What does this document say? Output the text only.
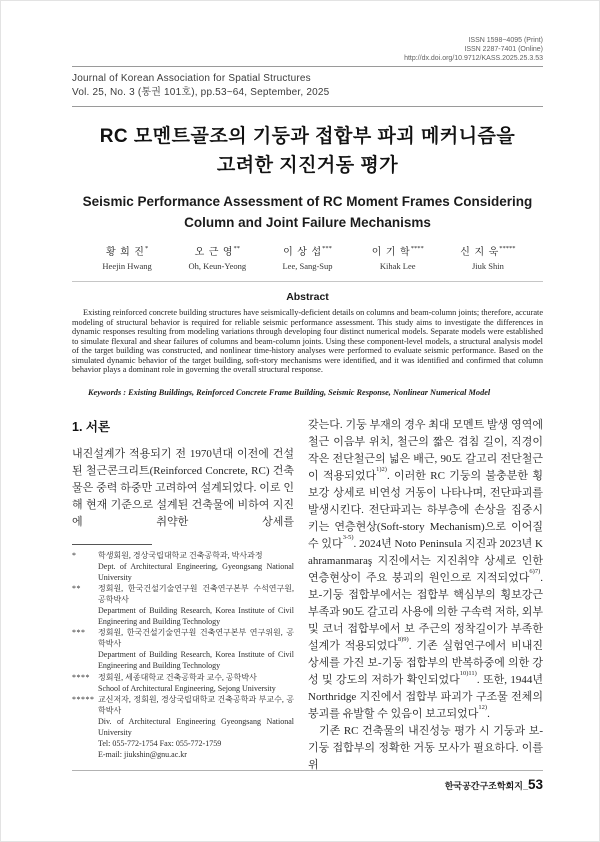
ISSN 1598~4095 (Print)
ISSN 2287-7401 (Online)
http://dx.doi.org/10.9712/KASS.2025.25.3.53
Journal of Korean Association for Spatial Structures
Vol. 25, No. 3 (통권 101호), pp.53~64, September, 2025
RC 모멘트골조의 기둥과 접합부 파괴 메커니즘을
고려한 지진거동 평가
Seismic Performance Assessment of RC Moment Frames Considering
Column and Joint Failure Mechanisms
황 희 진*
Heejin Hwang
오 근 영**
Oh, Keun-Yeong
이 상 섭***
Lee, Sang-Sup
이 기 학****
Kihak Lee
신 지 욱*****
Jiuk Shin
Abstract

Existing reinforced concrete building structures have seismically-deficient details on columns and beam-column joints; therefore, accurate modeling of structural behavior is required for reliable seismic performance assessment. This study aims to investigate the differences in dynamic responses resulting from modeling variations through developing four distinct numerical models. Separate models were established to simulate flexural and shear failures of columns and beam-column joints. Using these component-level models, a structural analysis model of the target building was constructed, and nonlinear time-history analyses were performed to evaluate seismic performance. Based on the simulated dynamic behavior of the target building, soft-story mechanisms were identified, and it was identified and confirmed that column behavior plays a dominant role in governing the overall structural response.

Keywords : Existing Buildings, Reinforced Concrete Frame Building, Seismic Response, Nonlinear Numerical Model
1. 서론

내진설계가 적용되기 전 1970년대 이전에 건설된 철근콘크리트(Reinforced Concrete, RC) 건축물은 중력 하중만 고려하여 설계되었다. 이로 인해 현재 기준으로 설계된 건축물에 비하여 지진에 취약한 상세를

*	학생회원, 경상국립대학교 건축공학과, 박사과정
Dept. of Architectural Engineering, Gyeongsang National University
**	정회원, 한국건설기술연구원 건축연구본부 수석연구원, 공학박사
Department of Building Research, Korea Institute of Civil Engineering and Building Technology
***	정회원, 한국건설기술연구원 건축연구본부 연구위원, 공학박사
Department of Building Research, Korea Institute of Civil Engineering and Building Technology
****	정회원, 세종대학교 건축공학과 교수, 공학박사
School of Architectural Engineering, Sejong University
***** 교신저자, 정회원, 경상국립대학교 건축공학과 부교수, 공학박사
Div. of Architectural Engineering Gyeongsang National University
Tel: 055-772-1754 Fax: 055-772-1759
E-mail: jiukshin@gnu.ac.kr

갖는다. 기둥 부재의 경우 최대 모멘트 발생 영역에 철근 이음부 위치, 철근의 짧은 겹침 길이, 직경이 작은 전단철근의 넓은 배근, 90도 갈고리 전단철근이 적용되었다$^{1)2)}$. 이러한 RC 기둥의 불충분한 횡보강 상세로 비연성 거동이 나타나며, 전단파괴를 발생시킨다. 전단파괴는 하부층에 손상을 집중시키는 연층현상(Soft-story Mechanism)으로 이어질 수 있다$^{3-5)}$. 2024년 Noto Peninsula 지진과 2023년 Kahramanmaraş 지진에서는 지진취약 상세로 인한 연층현상이 주요 붕괴의 원인으로 지적되었다$^{6)7)}$. 보-기둥 접합부에서는 접합부 핵심부의 횡보강근 부족과 90도 갈고리 사용에 의한 구속력 저하, 외부 및 코너 접합부에서 보 주근의 정착길이가 부족한 설계가 적용되었다$^{8)9)}$. 기존 실험연구에서 비내진 상세를 가진 보-기둥 접합부의 반복하중에 의한 강성 및 강도의 저하가 확인되었다$^{10)11)}$. 또한, 1944년 Northridge 지진에서 접합부 파괴가 구조물 전체의 붕괴를 유발할 수 있음이 보고되었다$^{12)}$.

기존 RC 건축물의 내진성능 평가 시 기둥과 보-기둥 접합부의 정확한 거동 모사가 필요하다. 이를 위

한국공간구조학회지_53
